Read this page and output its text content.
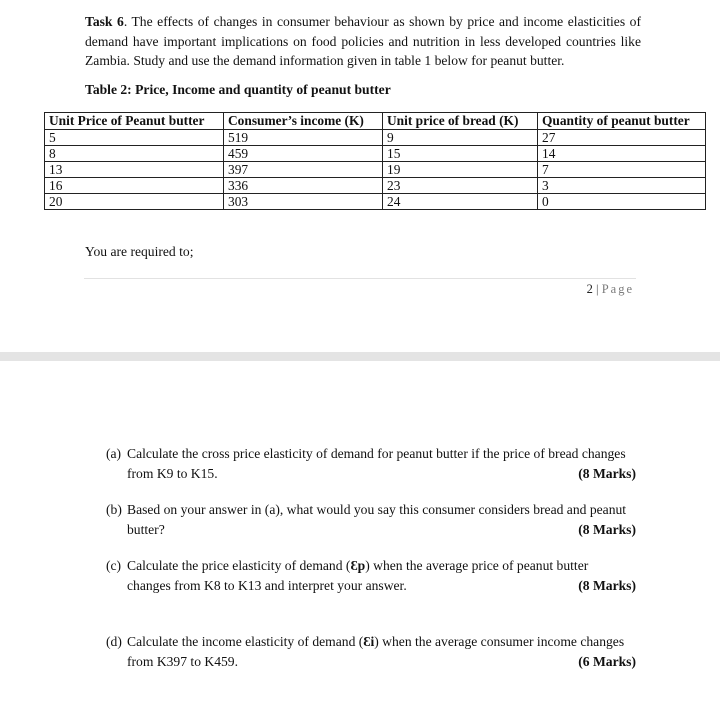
Task 6. The effects of changes in consumer behaviour as shown by price and income elasticities of demand have important implications on food policies and nutrition in less developed countries like Zambia. Study and use the demand information given in table 1 below for peanut butter.
Table 2: Price, Income and quantity of peanut butter
Unit Price of Peanut butter	Consumer’s income (K)	Unit price of bread (K)	Quantity of peanut butter
5	519	9	27
8	459	15	14
13	397	19	7
16	336	23	3
20	303	24	0
You are required to;
2 | Page
(a) Calculate the cross price elasticity of demand for peanut butter if the price of bread changes
from K9 to K15.	(8 Marks)
(b) Based on your answer in (a), what would you say this consumer considers bread and peanut
butter?	(8 Marks)
(c) Calculate the price elasticity of demand (Ɛp) when the average price of peanut butter
changes from K8 to K13 and interpret your answer.	(8 Marks)
(d) Calculate the income elasticity of demand (Ɛi) when the average consumer income changes
from K397 to K459.	(6 Marks)
